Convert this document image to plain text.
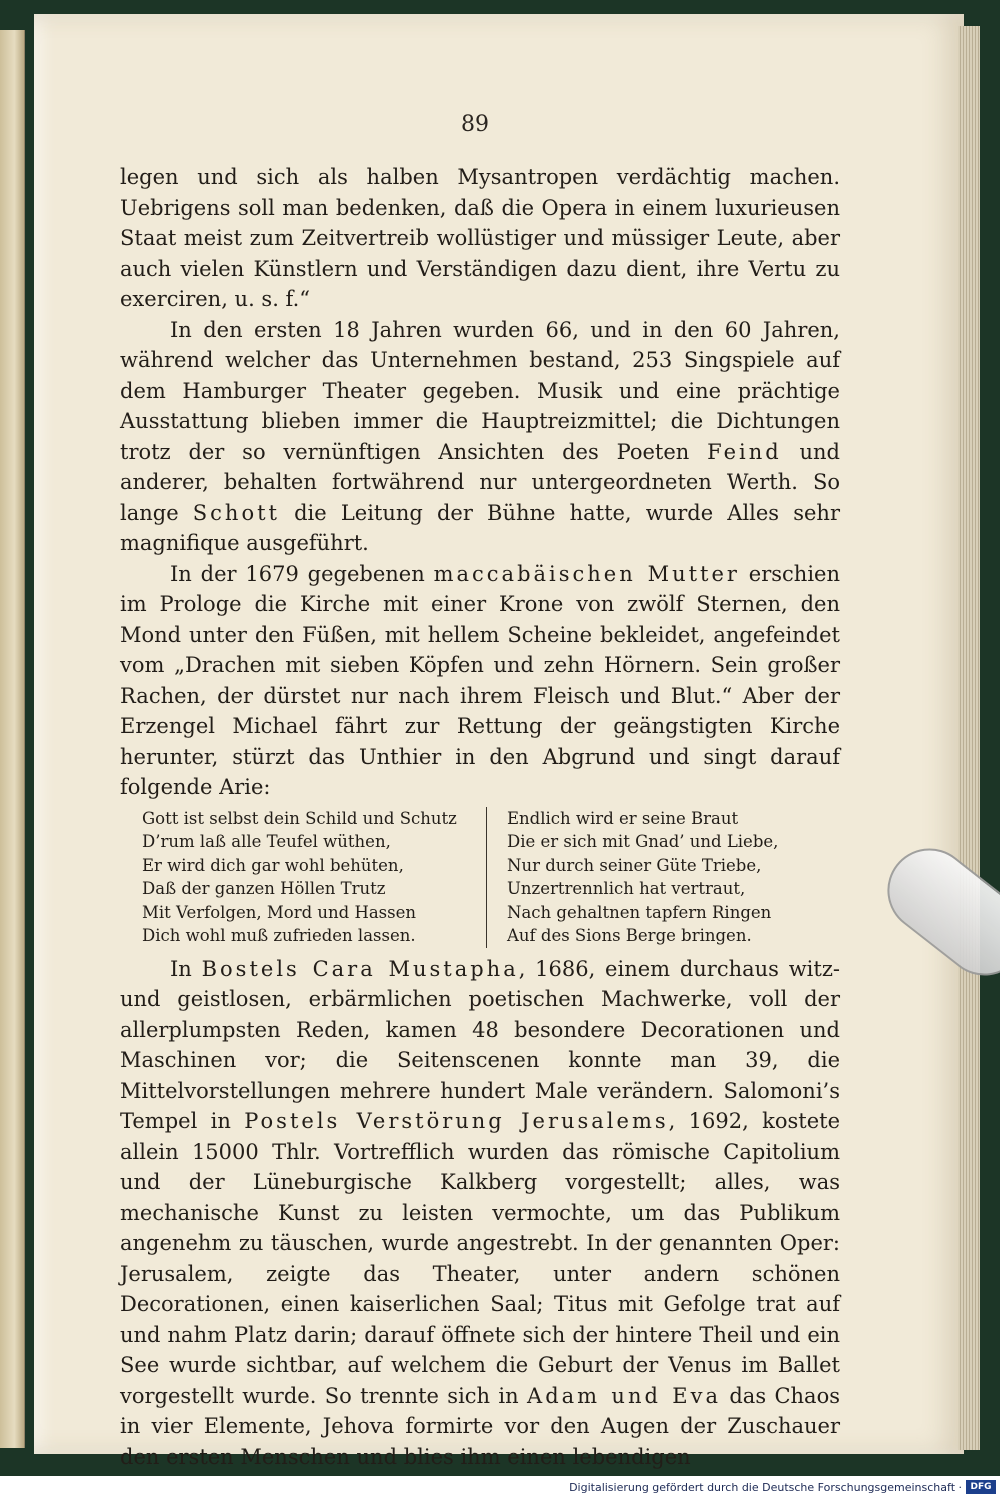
89

legen und sich als halben Mysantropen verdächtig machen. Uebrigens soll man bedenken, daß die Opera in einem luxurieusen Staat meist zum Zeitvertreib wollüstiger und müssiger Leute, aber auch vielen Künstlern und Verständigen dazu dient, ihre Vertu zu exerciren, u. s. f.“

In den ersten 18 Jahren wurden 66, und in den 60 Jahren, während welcher das Unternehmen bestand, 253 Singspiele auf dem Hamburger Theater gegeben. Musik und eine prächtige Ausstattung blieben immer die Hauptreizmittel; die Dichtungen trotz der so vernünftigen Ansichten des Poeten Feind und anderer, behalten fortwährend nur untergeordneten Werth. So lange Schott die Leitung der Bühne hatte, wurde Alles sehr magnifique ausgeführt.

In der 1679 gegebenen maccabäischen Mutter erschien im Prologe die Kirche mit einer Krone von zwölf Sternen, den Mond unter den Füßen, mit hellem Scheine bekleidet, angefeindet vom „Drachen mit sieben Köpfen und zehn Hörnern. Sein großer Rachen, der dürstet nur nach ihrem Fleisch und Blut.“ Aber der Erzengel Michael fährt zur Rettung der geängstigten Kirche herunter, stürzt das Unthier in den Abgrund und singt darauf folgende Arie:

Gott ist selbst dein Schild und Schutz
D’rum laß alle Teufel wüthen,
Er wird dich gar wohl behüten,
Daß der ganzen Höllen Trutz
Mit Verfolgen, Mord und Hassen
Dich wohl muß zufrieden lassen.
Endlich wird er seine Braut
Die er sich mit Gnad’ und Liebe,
Nur durch seiner Güte Triebe,
Unzertrennlich hat vertraut,
Nach gehaltnen tapfern Ringen
Auf des Sions Berge bringen.

In Bostels Cara Mustapha, 1686, einem durchaus witz- und geistlosen, erbärmlichen poetischen Machwerke, voll der allerplumpsten Reden, kamen 48 besondere Decorationen und Maschinen vor; die Seitenscenen konnte man 39, die Mittelvorstellungen mehrere hundert Male verändern. Salomoni’s Tempel in Postels Verstörung Jerusalems, 1692, kostete allein 15000 Thlr. Vortrefflich wurden das römische Capitolium und der Lüneburgische Kalkberg vorgestellt; alles, was mechanische Kunst zu leisten vermochte, um das Publikum angenehm zu täuschen, wurde angestrebt. In der genannten Oper: Jerusalem, zeigte das Theater, unter andern schönen Decorationen, einen kaiserlichen Saal; Titus mit Gefolge trat auf und nahm Platz darin; darauf öffnete sich der hintere Theil und ein See wurde sichtbar, auf welchem die Geburt der Venus im Ballet vorgestellt wurde. So trennte sich in Adam und Eva das Chaos in vier Elemente, Jehova formirte vor den Augen der Zuschauer den ersten Menschen und blies ihm einen lebendigen

Digitalisierung gefördert durch die Deutsche Forschungsgemeinschaft · DFG
